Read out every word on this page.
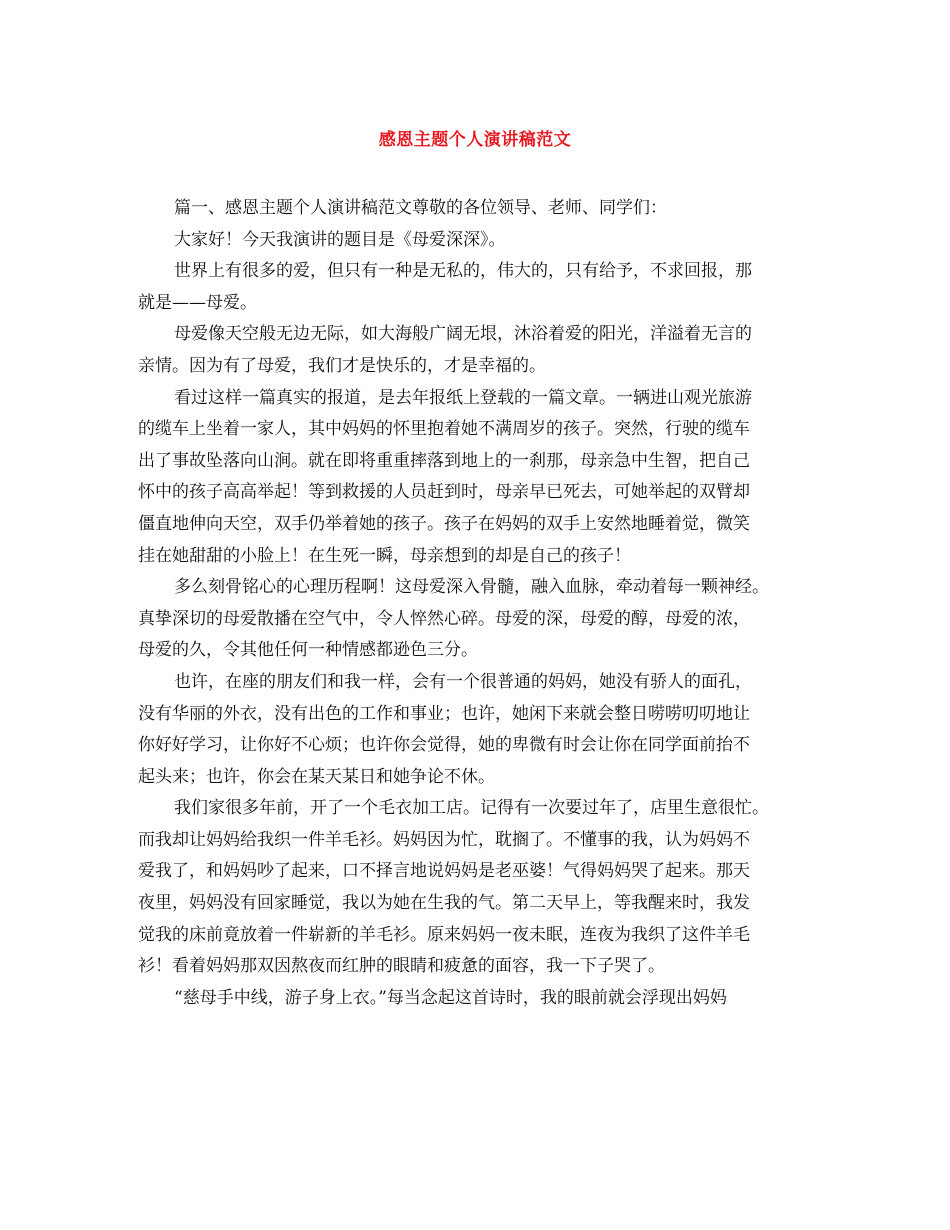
感恩主题个人演讲稿范文
篇一、感恩主题个人演讲稿范文尊敬的各位领导、老师、同学们：
大家好！今天我演讲的题目是《母爱深深》。
世界上有很多的爱，但只有一种是无私的，伟大的，只有给予，不求回报，那
就是——母爱。
母爱像天空般无边无际，如大海般广阔无垠，沐浴着爱的阳光，洋溢着无言的
亲情。因为有了母爱，我们才是快乐的，才是幸福的。
看过这样一篇真实的报道，是去年报纸上登载的一篇文章。一辆进山观光旅游
的缆车上坐着一家人，其中妈妈的怀里抱着她不满周岁的孩子。突然，行驶的缆车
出了事故坠落向山涧。就在即将重重摔落到地上的一刹那，母亲急中生智，把自己
怀中的孩子高高举起！等到救援的人员赶到时，母亲早已死去，可她举起的双臂却
僵直地伸向天空，双手仍举着她的孩子。孩子在妈妈的双手上安然地睡着觉，微笑
挂在她甜甜的小脸上！在生死一瞬，母亲想到的却是自己的孩子！
多么刻骨铭心的心理历程啊！这母爱深入骨髓，融入血脉，牵动着每一颗神经。
真挚深切的母爱散播在空气中，令人悴然心碎。母爱的深，母爱的醇，母爱的浓，
母爱的久，令其他任何一种情感都逊色三分。
也许，在座的朋友们和我一样，会有一个很普通的妈妈，她没有骄人的面孔，
没有华丽的外衣，没有出色的工作和事业；也许，她闲下来就会整日唠唠叨叨地让
你好好学习，让你好不心烦；也许你会觉得，她的卑微有时会让你在同学面前抬不
起头来；也许，你会在某天某日和她争论不休。
我们家很多年前，开了一个毛衣加工店。记得有一次要过年了，店里生意很忙。
而我却让妈妈给我织一件羊毛衫。妈妈因为忙，耽搁了。不懂事的我，认为妈妈不
爱我了，和妈妈吵了起来，口不择言地说妈妈是老巫婆！气得妈妈哭了起来。那天
夜里，妈妈没有回家睡觉，我以为她在生我的气。第二天早上，等我醒来时，我发
觉我的床前竟放着一件崭新的羊毛衫。原来妈妈一夜未眠，连夜为我织了这件羊毛
衫！看着妈妈那双因熬夜而红肿的眼睛和疲惫的面容，我一下子哭了。
“慈母手中线，游子身上衣。”每当念起这首诗时，我的眼前就会浮现出妈妈
